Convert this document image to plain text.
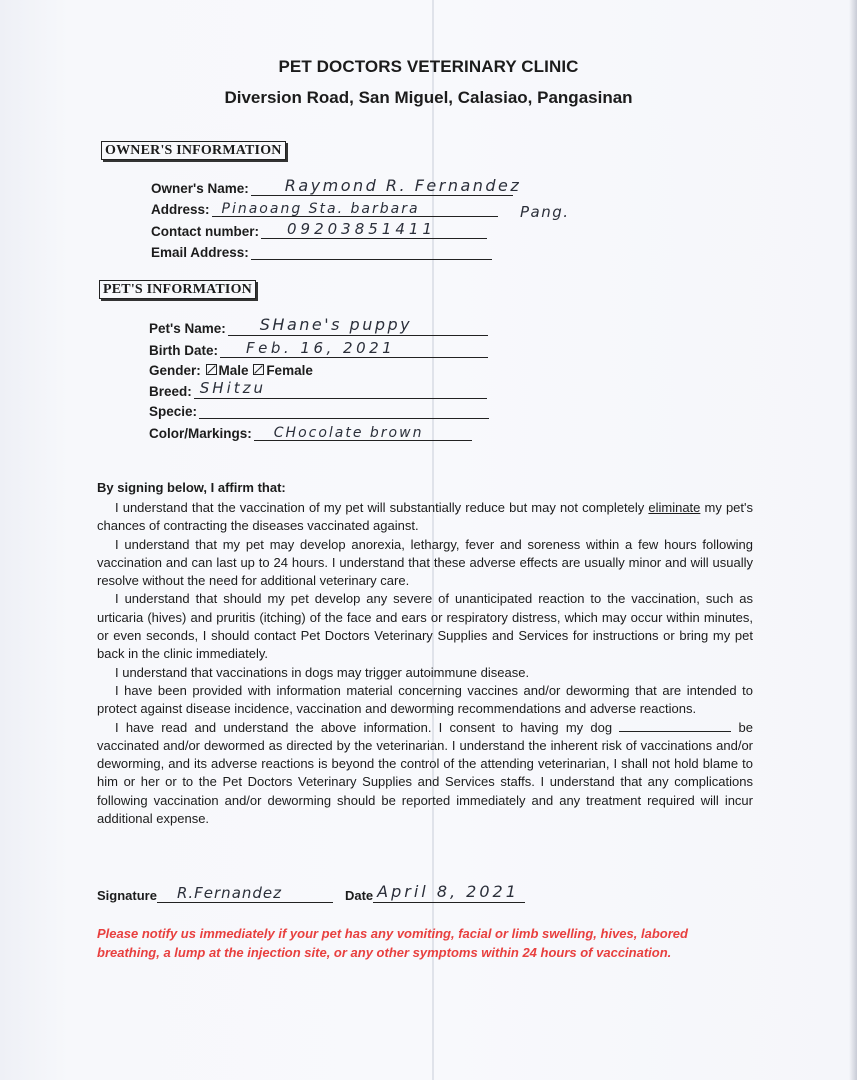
PET DOCTORS VETERINARY CLINIC
Diversion Road, San Miguel, Calasiao, Pangasinan
OWNER'S INFORMATION
Owner's Name: Raymond R. Fernandez
Address: Pinaoang Sta. barbara	Pang.
Contact number: 09203851411
Email Address:
PET'S INFORMATION
Pet's Name: SHane's puppy
Birth Date: Feb. 16, 2021
Gender: Male Female
Breed: SHitzu
Specie:
Color/Markings: CHocolate brown
By signing below, I affirm that:

I understand that the vaccination of my pet will substantially reduce but may not completely eliminate my pet's chances of contracting the diseases vaccinated against.

I understand that my pet may develop anorexia, lethargy, fever and soreness within a few hours following vaccination and can last up to 24 hours. I understand that these adverse effects are usually minor and will usually resolve without the need for additional veterinary care.

I understand that should my pet develop any severe of unanticipated reaction to the vaccination, such as urticaria (hives) and pruritis (itching) of the face and ears or respiratory distress, which may occur within minutes, or even seconds, I should contact Pet Doctors Veterinary Supplies and Services for instructions or bring my pet back in the clinic immediately.

I understand that vaccinations in dogs may trigger autoimmune disease.

I have been provided with information material concerning vaccines and/or deworming that are intended to protect against disease incidence, vaccination and deworming recommendations and adverse reactions.

I have read and understand the above information. I consent to having my dog	be vaccinated and/or dewormed as directed by the veterinarian. I understand the inherent risk of vaccinations and/or deworming, and its adverse reactions is beyond the control of the attending veterinarian, I shall not hold blame to him or her or to the Pet Doctors Veterinary Supplies and Services staffs. I understand that any complications following vaccination and/or deworming should be reported immediately and any treatment required will incur additional expense.

Signature R.Fernandez	Date April 8, 2021
Please notify us immediately if your pet has any vomiting, facial or limb swelling, hives, labored breathing, a lump at the injection site, or any other symptoms within 24 hours of vaccination.
